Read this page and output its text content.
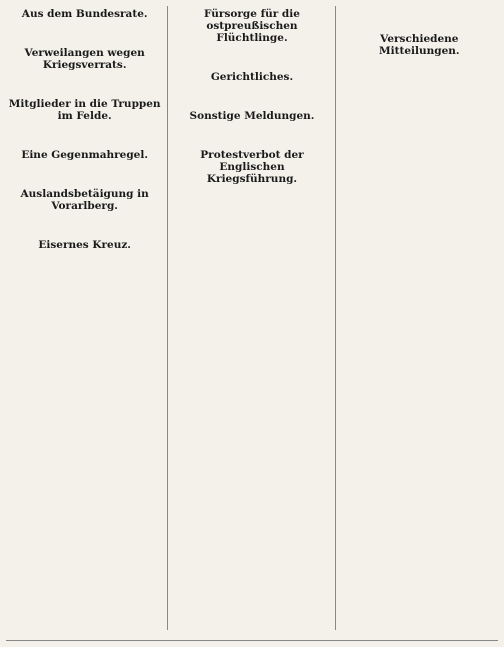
Aus dem Bundesrate.
Verweilangen wegen Kriegsverrats.
Mitglieder in die Truppen im Felde.
Eine Gegenmahregel.
Auslandsbetäigung in Vorarlberg.
Eisernes Kreuz.
Fürsorge für die ostpreußischen Flüchtlinge.
Gerichtliches.
Sonstige Meldungen.
Protestverbot der Englischen Kriegsführung.
Verschiedene Mitteilungen.
